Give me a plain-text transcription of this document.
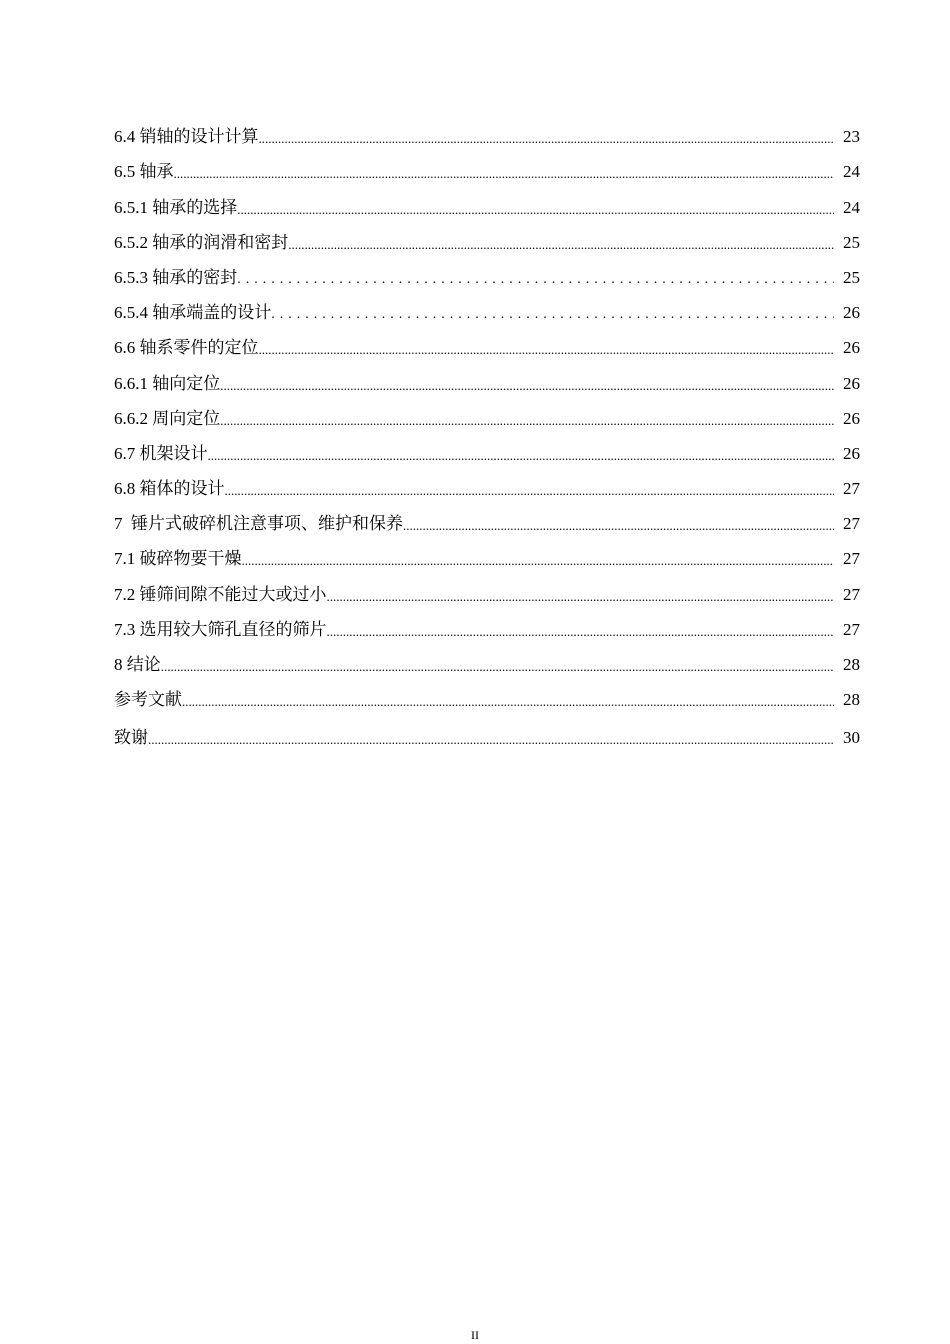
6.4 销轴的设计计算 .....	23
6.5 轴承 .....	24
6.5.1 轴承的选择 .....	24
6.5.2 轴承的润滑和密封 .....	25
6.5.3 轴承的密封 .....	25
6.5.4 轴承端盖的设计 .....	26
6.6 轴系零件的定位 .....	26
6.6.1 轴向定位 .....	26
6.6.2 周向定位 .....	26
6.7 机架设计 .....	26
6.8 箱体的设计 .....	27
7 锤片式破碎机注意事项、维护和保养 .....	27
7.1 破碎物要干燥 .....	27
7.2 锤筛间隙不能过大或过小 .....	27
7.3 选用较大筛孔直径的筛片 .....	27
8 结论 .....	28
参考文献 .....	28
致谢 .....	30
II
